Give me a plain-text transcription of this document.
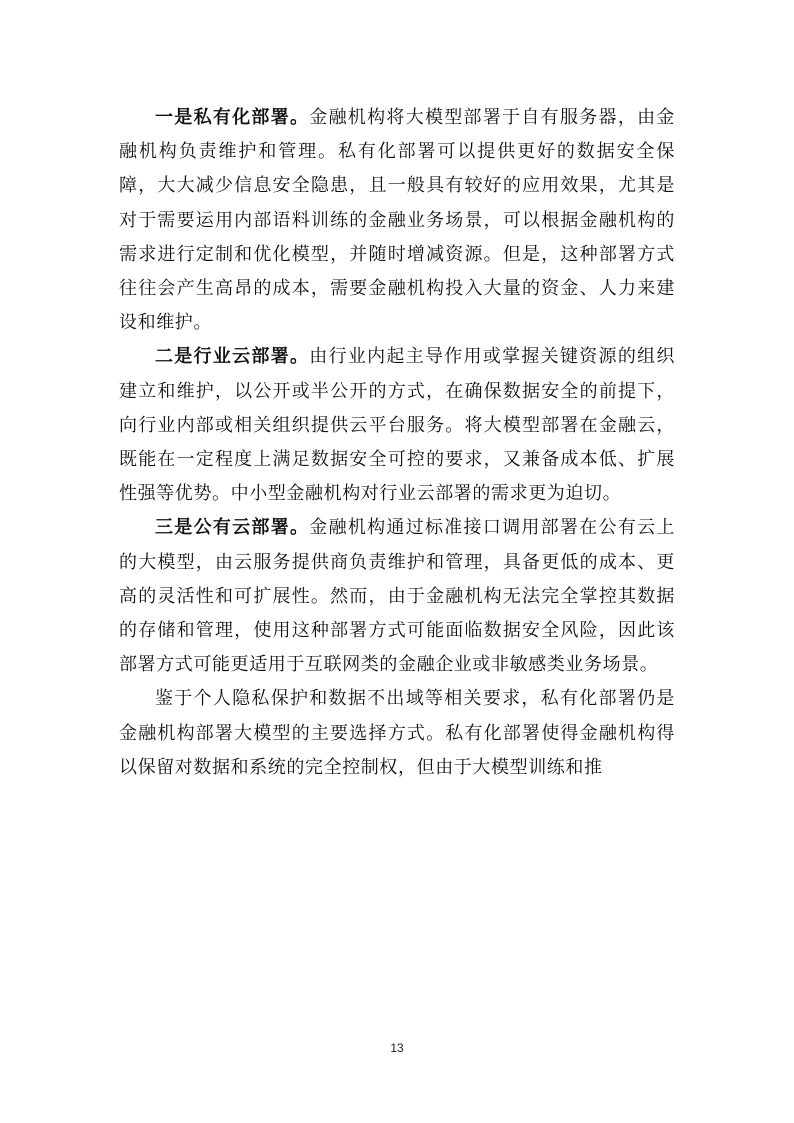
一是私有化部署。金融机构将大模型部署于自有服务器，由金融机构负责维护和管理。私有化部署可以提供更好的数据安全保障，大大减少信息安全隐患，且一般具有较好的应用效果，尤其是对于需要运用内部语料训练的金融业务场景，可以根据金融机构的需求进行定制和优化模型，并随时增减资源。但是，这种部署方式往往会产生高昂的成本，需要金融机构投入大量的资金、人力来建设和维护。

二是行业云部署。由行业内起主导作用或掌握关键资源的组织建立和维护，以公开或半公开的方式，在确保数据安全的前提下，向行业内部或相关组织提供云平台服务。将大模型部署在金融云，既能在一定程度上满足数据安全可控的要求，又兼备成本低、扩展性强等优势。中小型金融机构对行业云部署的需求更为迫切。

三是公有云部署。金融机构通过标准接口调用部署在公有云上的大模型，由云服务提供商负责维护和管理，具备更低的成本、更高的灵活性和可扩展性。然而，由于金融机构无法完全掌控其数据的存储和管理，使用这种部署方式可能面临数据安全风险，因此该部署方式可能更适用于互联网类的金融企业或非敏感类业务场景。

鉴于个人隐私保护和数据不出域等相关要求，私有化部署仍是金融机构部署大模型的主要选择方式。私有化部署使得金融机构得以保留对数据和系统的完全控制权，但由于大模型训练和推

13
